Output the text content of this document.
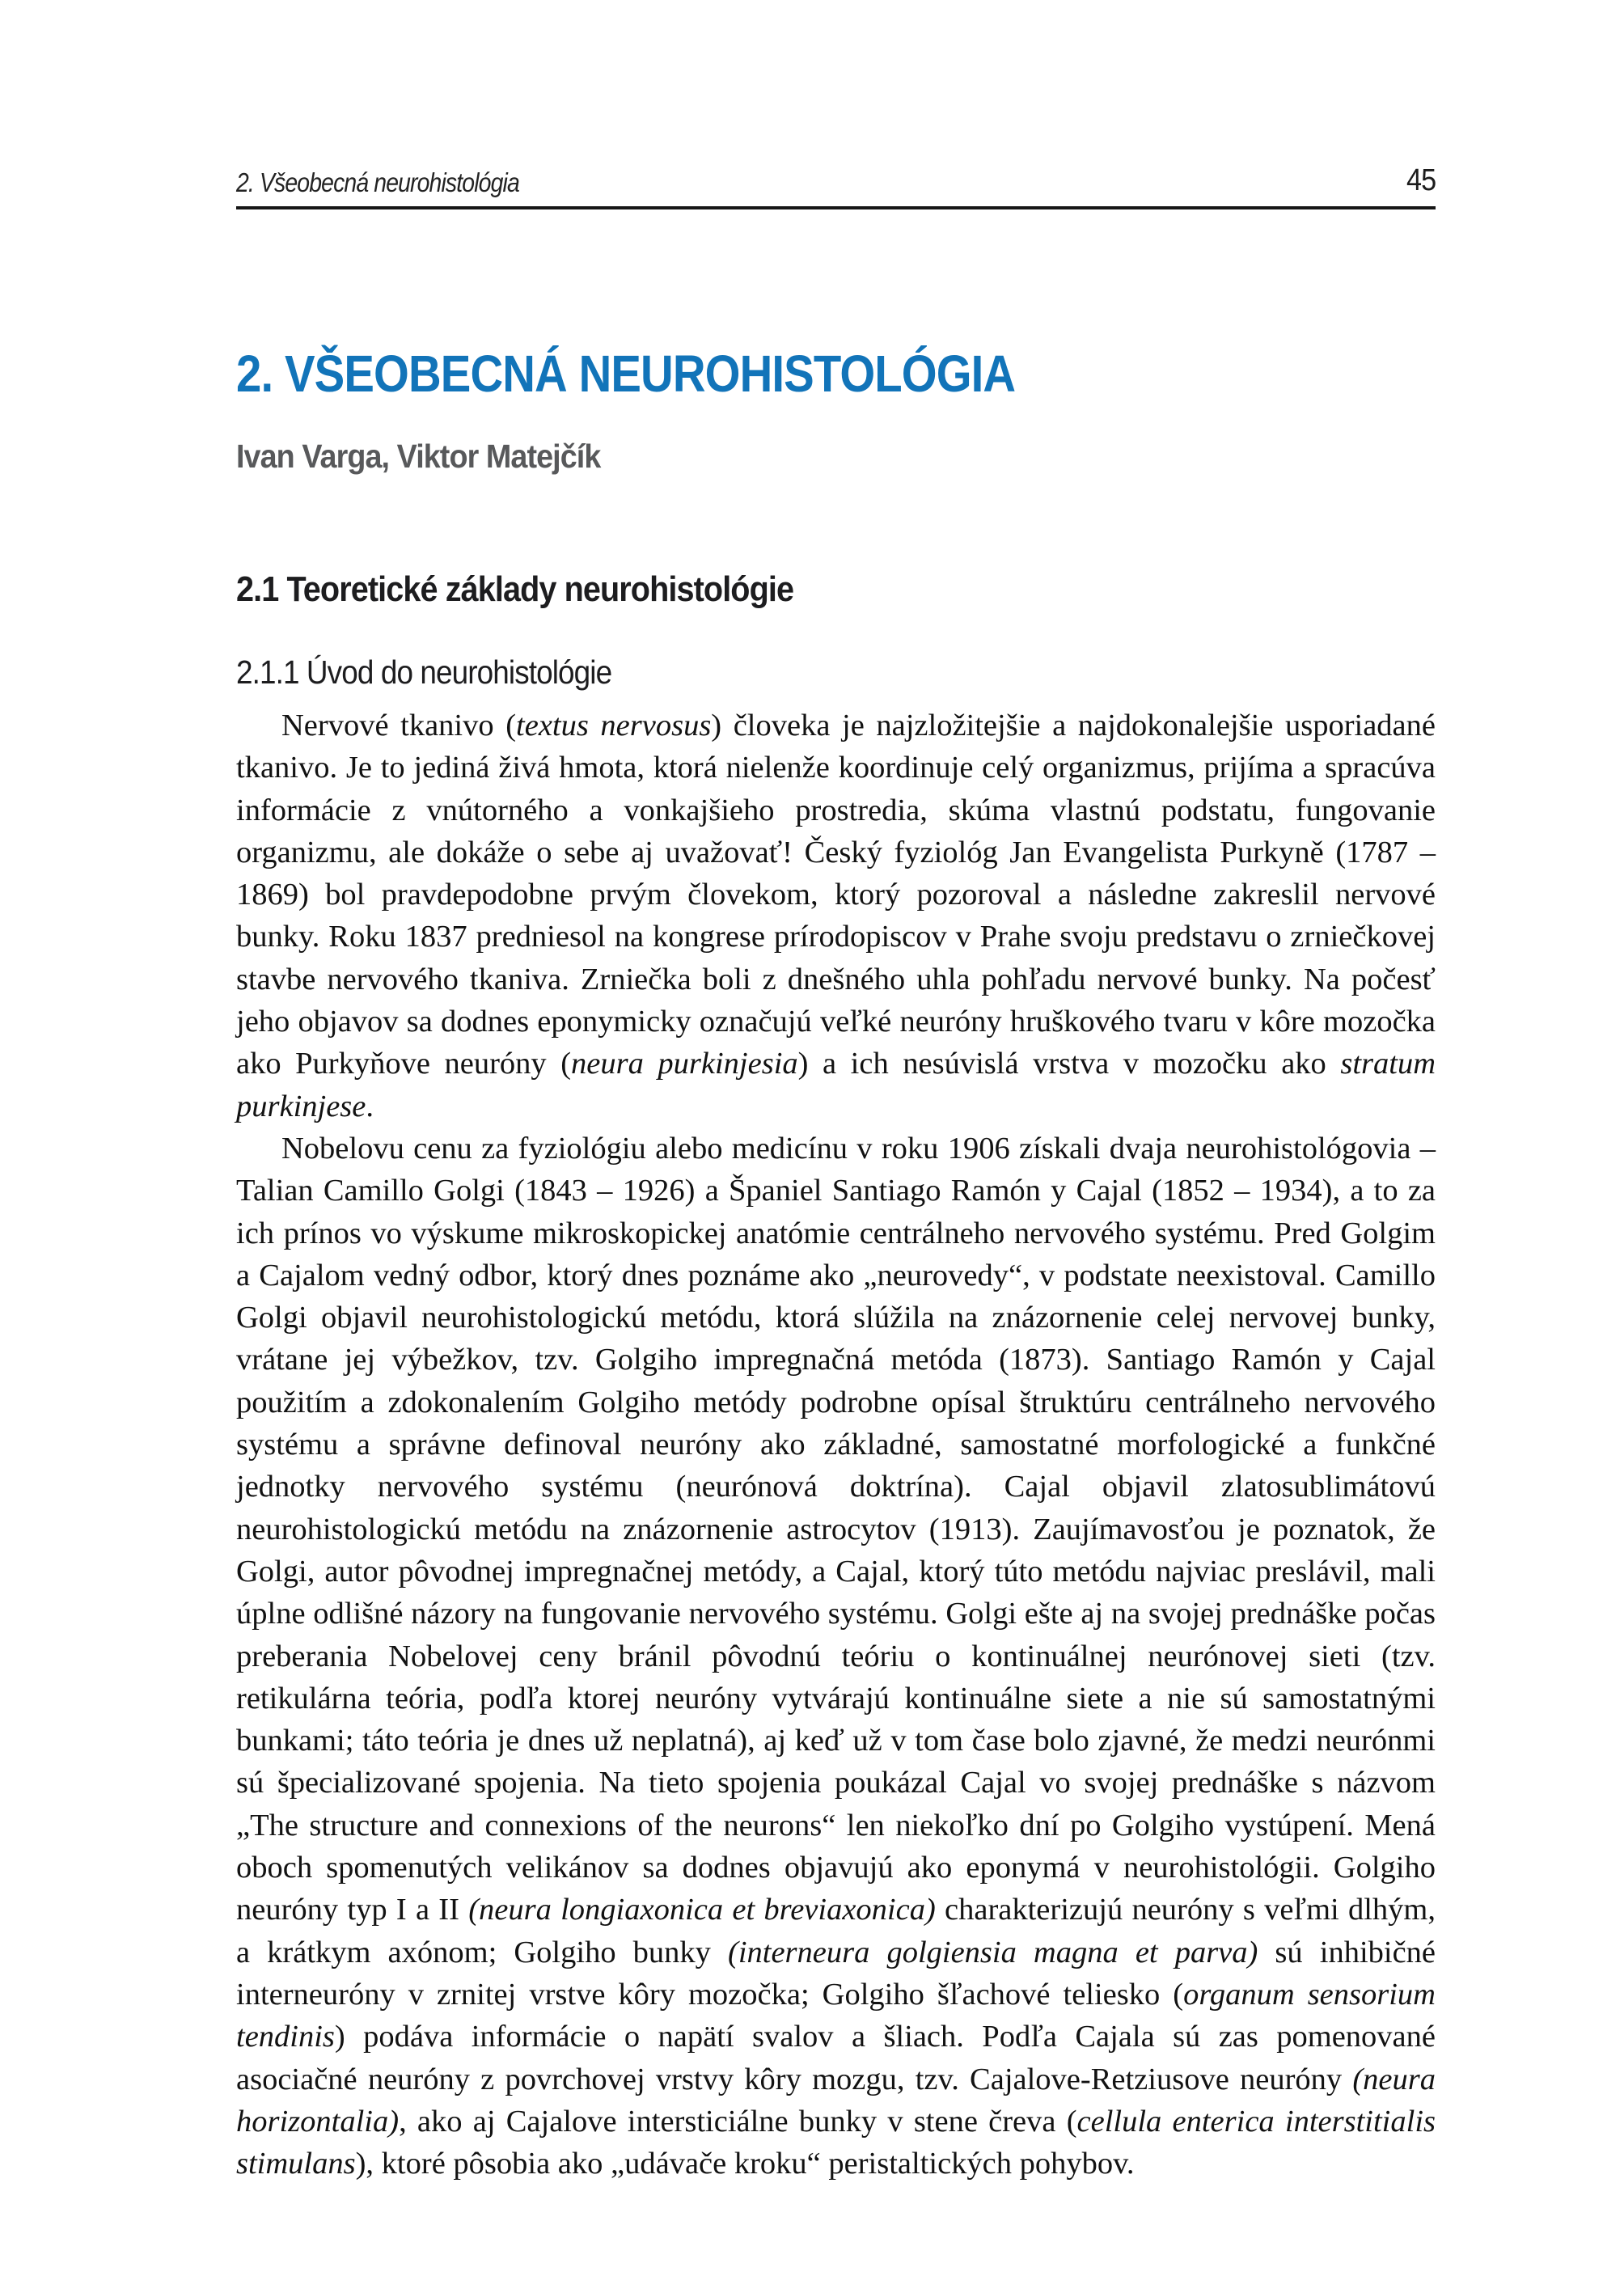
2. Všeobecná neurohistológia	45
2. VŠEOBECNÁ NEUROHISTOLÓGIA
Ivan Varga, Viktor Matejčík
2.1 Teoretické základy neurohistológie
2.1.1 Úvod do neurohistológie

Nervové tkanivo (textus nervosus) človeka je najzložitejšie a najdokonalejšie usporiadané tkanivo. Je to jediná živá hmota, ktorá nielenže koordinuje celý organizmus, prijíma a spracúva informácie z vnútorného a vonkajšieho prostredia, skúma vlastnú podstatu, fungovanie organizmu, ale dokáže o sebe aj uvažovať! Český fyziológ Jan Evangelista Purkyně (1787 – 1869) bol pravdepodobne prvým človekom, ktorý pozoroval a následne zakreslil nervové bunky. Roku 1837 predniesol na kongrese prírodopiscov v Prahe svoju predstavu o zrniečkovej stavbe nervového tkaniva. Zrniečka boli z dnešného uhla pohľadu nervové bunky. Na počesť jeho objavov sa dodnes eponymicky označujú veľké neuróny hruškového tvaru v kôre mozočka ako Purkyňove neuróny (neura purkinjesia) a ich nesúvislá vrstva v mozočku ako stratum purkinjese.

Nobelovu cenu za fyziológiu alebo medicínu v roku 1906 získali dvaja neurohistológovia – Talian Camillo Golgi (1843 – 1926) a Španiel Santiago Ramón y Cajal (1852 – 1934), a to za ich prínos vo výskume mikroskopickej anatómie centrálneho nervového systému. Pred Golgim a Cajalom vedný odbor, ktorý dnes poznáme ako „neurovedy“, v podstate neexistoval. Camillo Golgi objavil neurohistologickú metódu, ktorá slúžila na znázornenie celej nervovej bunky, vrátane jej výbežkov, tzv. Golgiho impregnačná metóda (1873). Santiago Ramón y Cajal použitím a zdokonalením Golgiho metódy podrobne opísal štruktúru centrálneho nervového systému a správne definoval neuróny ako základné, samostatné morfologické a funkčné jednotky nervového systému (neurónová doktrína). Cajal objavil zlatosublimátovú neurohistologickú metódu na znázornenie astrocytov (1913). Zaujímavosťou je poznatok, že Golgi, autor pôvodnej impregnačnej metódy, a Cajal, ktorý túto metódu najviac preslávil, mali úplne odlišné názory na fungovanie nervového systému. Golgi ešte aj na svojej prednáške počas preberania Nobelovej ceny bránil pôvodnú teóriu o kontinuálnej neurónovej sieti (tzv. retikulárna teória, podľa ktorej neuróny vytvárajú kontinuálne siete a nie sú samostatnými bunkami; táto teória je dnes už neplatná), aj keď už v tom čase bolo zjavné, že medzi neurónmi sú špecializované spojenia. Na tieto spojenia poukázal Cajal vo svojej prednáške s názvom „The structure and connexions of the neurons“ len niekoľko dní po Golgiho vystúpení. Mená oboch spomenutých velikánov sa dodnes objavujú ako eponymá v neurohistológii. Golgiho neuróny typ I a II (neura longiaxonica et breviaxonica) charakterizujú neuróny s veľmi dlhým, a krátkym axónom; Golgiho bunky (interneura golgiensia magna et parva) sú inhibičné interneuróny v zrnitej vrstve kôry mozočka; Golgiho šľachové teliesko (organum sensorium tendinis) podáva informácie o napätí svalov a šliach. Podľa Cajala sú zas pomenované asociačné neuróny z povrchovej vrstvy kôry mozgu, tzv. Cajalove-Retziusove neuróny (neura horizontalia), ako aj Cajalove intersticiálne bunky v stene čreva (cellula enterica interstitialis stimulans), ktoré pôsobia ako „udávače kroku“ peristaltických pohybov.
